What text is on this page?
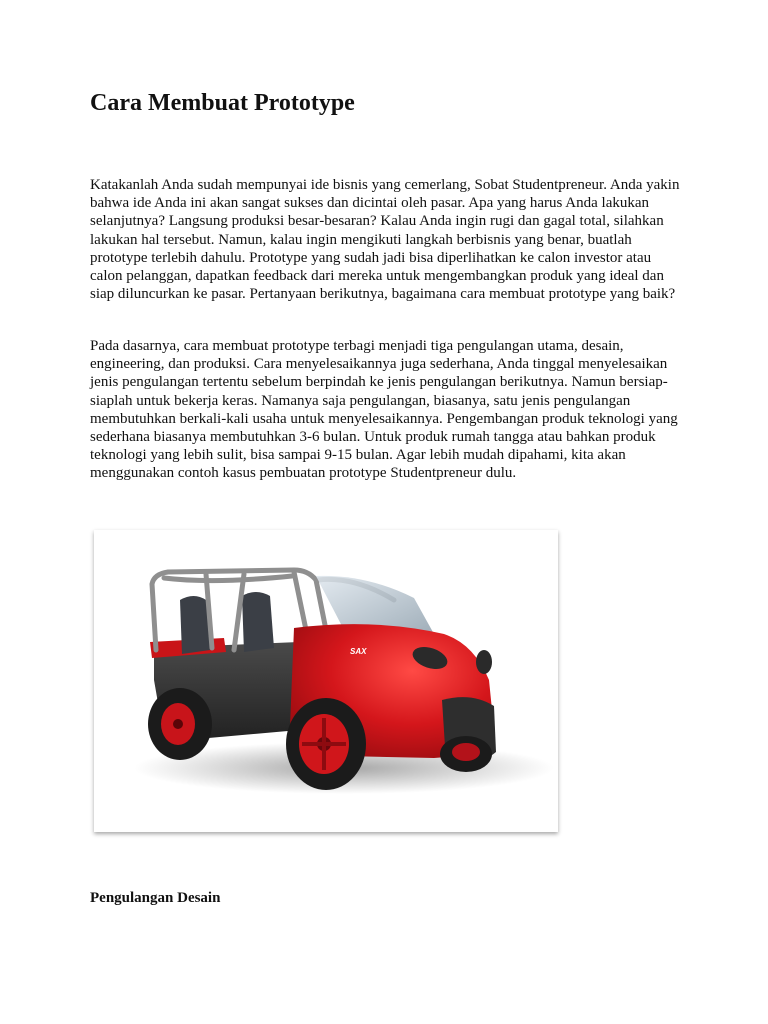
Cara Membuat Prototype

Katakanlah Anda sudah mempunyai ide bisnis yang cemerlang, Sobat Studentpreneur. Anda yakin bahwa ide Anda ini akan sangat sukses dan dicintai oleh pasar. Apa yang harus Anda lakukan selanjutnya? Langsung produksi besar-besaran? Kalau Anda ingin rugi dan gagal total, silahkan lakukan hal tersebut. Namun, kalau ingin mengikuti langkah berbisnis yang benar, buatlah prototype terlebih dahulu. Prototype yang sudah jadi bisa diperlihatkan ke calon investor atau calon pelanggan, dapatkan feedback dari mereka untuk mengembangkan produk yang ideal dan siap diluncurkan ke pasar. Pertanyaan berikutnya, bagaimana cara membuat prototype yang baik?

Pada dasarnya, cara membuat prototype terbagi menjadi tiga pengulangan utama, desain, engineering, dan produksi. Cara menyelesaikannya juga sederhana, Anda tinggal menyelesaikan jenis pengulangan tertentu sebelum berpindah ke jenis pengulangan berikutnya. Namun bersiap-siaplah untuk bekerja keras. Namanya saja pengulangan, biasanya, satu jenis pengulangan membutuhkan berkali-kali usaha untuk menyelesaikannya. Pengembangan produk teknologi yang sederhana biasanya membutuhkan 3-6 bulan. Untuk produk rumah tangga atau bahkan produk teknologi yang lebih sulit, bisa sampai 9-15 bulan. Agar lebih mudah dipahami, kita akan menggunakan contoh kasus pembuatan prototype Studentpreneur dulu.

SAX
Pengulangan Desain
